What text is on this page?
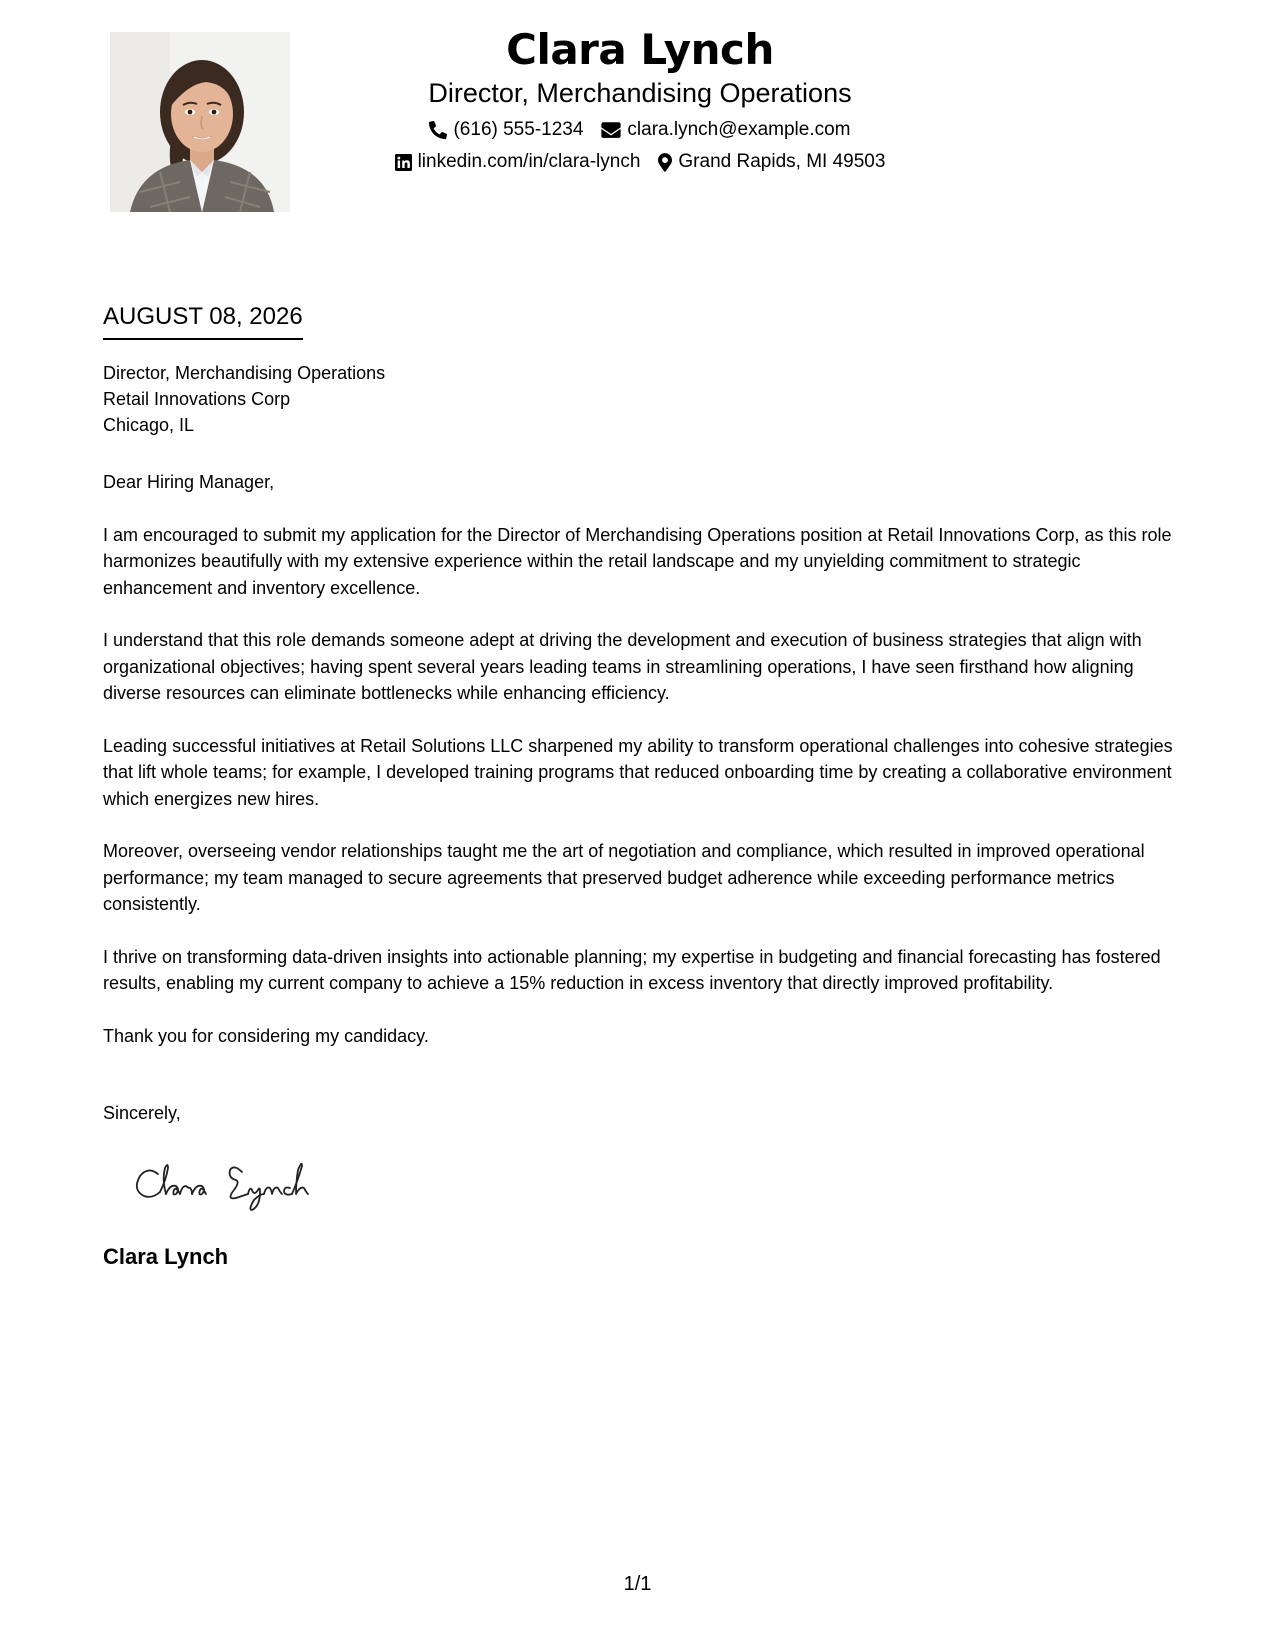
Clara Lynch
Director, Merchandising Operations
(616) 555-1234 clara.lynch@example.com
linkedin.com/in/clara-lynch Grand Rapids, MI 49503
AUGUST 08, 2026
Director, Merchandising Operations
Retail Innovations Corp
Chicago, IL

Dear Hiring Manager,

I am encouraged to submit my application for the Director of Merchandising Operations position at Retail Innovations Corp, as this role harmonizes beautifully with my extensive experience within the retail landscape and my unyielding commitment to strategic enhancement and inventory excellence.

I understand that this role demands someone adept at driving the development and execution of business strategies that align with organizational objectives; having spent several years leading teams in streamlining operations, I have seen firsthand how aligning diverse resources can eliminate bottlenecks while enhancing efficiency.

Leading successful initiatives at Retail Solutions LLC sharpened my ability to transform operational challenges into cohesive strategies that lift whole teams; for example, I developed training programs that reduced onboarding time by creating a collaborative environment which energizes new hires.

Moreover, overseeing vendor relationships taught me the art of negotiation and compliance, which resulted in improved operational performance; my team managed to secure agreements that preserved budget adherence while exceeding performance metrics consistently.

I thrive on transforming data-driven insights into actionable planning; my expertise in budgeting and financial forecasting has fostered results, enabling my current company to achieve a 15% reduction in excess inventory that directly improved profitability.

Thank you for considering my candidacy.

Sincerely,
Clara Lynch
1/1
